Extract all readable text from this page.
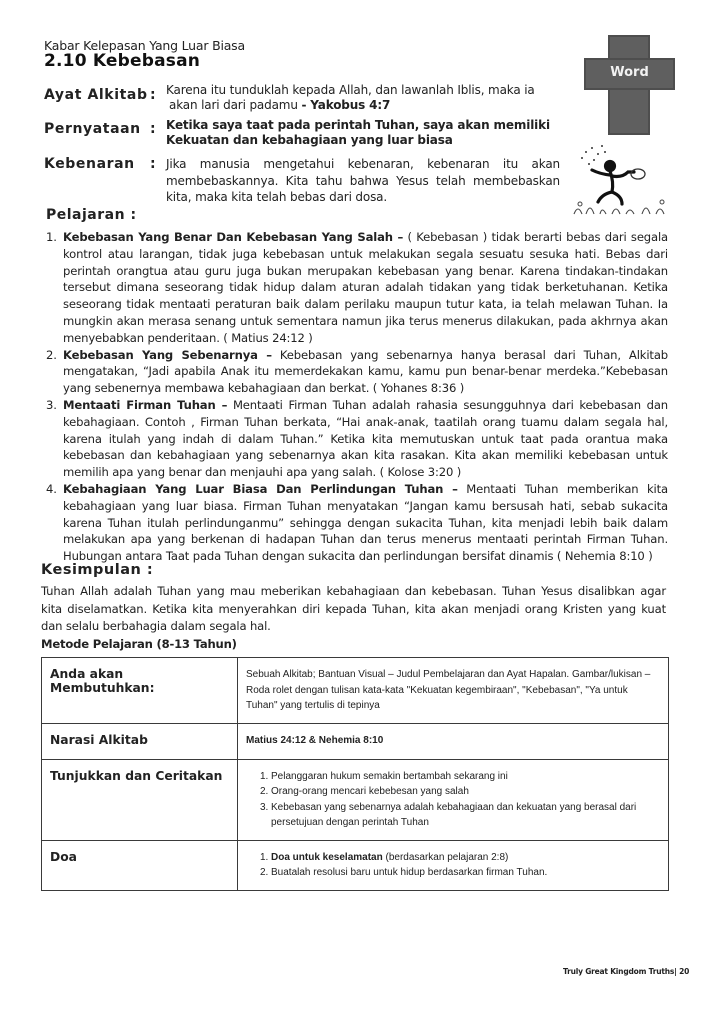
Kabar Kelepasan Yang Luar Biasa
2.10 Kebebasan
Word
Ayat Alkitab : Karena itu tunduklah kepada Allah, dan lawanlah Iblis, maka ia
akan lari dari padamu - Yakobus 4:7
Pernyataan : Ketika saya taat pada perintah Tuhan, saya akan memiliki
Kekuatan dan kebahagiaan yang luar biasa
Kebenaran : Jika manusia mengetahui kebenaran, kebenaran itu akan membebaskannya. Kita tahu bahwa Yesus telah membebaskan kita, maka kita telah bebas dari dosa.
Pelajaran :
1. Kebebasan Yang Benar Dan Kebebasan Yang Salah – ( Kebebasan ) tidak berarti bebas dari segala kontrol atau larangan, tidak juga kebebasan untuk melakukan segala sesuatu sesuka hati. Bebas dari perintah orangtua atau guru juga bukan merupakan kebebasan yang benar. Karena tindakan-tindakan tersebut dimana seseorang tidak hidup dalam aturan adalah tidakan yang tidak berketuhanan. Ketika seseorang tidak mentaati peraturan baik dalam perilaku maupun tutur kata, ia telah melawan Tuhan. Ia mungkin akan merasa senang untuk sementara namun jika terus menerus dilakukan, pada akhrnya akan menyebabkan penderitaan. ( Matius 24:12 )
2. Kebebasan Yang Sebenarnya – Kebebasan yang sebenarnya hanya berasal dari Tuhan, Alkitab mengatakan, “Jadi apabila Anak itu memerdekakan kamu, kamu pun benar-benar merdeka.”Kebebasan yang sebenernya membawa kebahagiaan dan berkat. ( Yohanes 8:36 )
3. Mentaati Firman Tuhan – Mentaati Firman Tuhan adalah rahasia sesungguhnya dari kebebasan dan kebahagiaan. Contoh , Firman Tuhan berkata, “Hai anak-anak, taatilah orang tuamu dalam segala hal, karena itulah yang indah di dalam Tuhan.” Ketika kita memutuskan untuk taat pada orantua maka kebebasan dan kebahagiaan yang sebenarnya akan kita rasakan. Kita akan memiliki kebebasan untuk memilih apa yang benar dan menjauhi apa yang salah. ( Kolose 3:20 )
4. Kebahagiaan Yang Luar Biasa Dan Perlindungan Tuhan – Mentaati Tuhan memberikan kita kebahagiaan yang luar biasa. Firman Tuhan menyatakan “Jangan kamu bersusah hati, sebab sukacita karena Tuhan itulah perlindunganmu” sehingga dengan sukacita Tuhan, kita menjadi lebih baik dalam melakukan apa yang berkenan di hadapan Tuhan dan terus menerus mentaati perintah Firman Tuhan. Hubungan antara Taat pada Tuhan dengan sukacita dan perlindungan bersifat dinamis ( Nehemia 8:10 )
Kesimpulan :
Tuhan Allah adalah Tuhan yang mau meberikan kebahagiaan dan kebebasan. Tuhan Yesus disalibkan agar kita diselamatkan. Ketika kita menyerahkan diri kepada Tuhan, kita akan menjadi orang Kristen yang kuat dan selalu berbahagia dalam segala hal.
Metode Pelajaran (8-13 Tahun)
Anda akan Membutuhkan:	Sebuah Alkitab; Bantuan Visual – Judul Pembelajaran dan Ayat Hapalan. Gambar/lukisan – Roda rolet dengan tulisan kata-kata "Kekuatan kegembiraan", "Kebebasan", "Ya untuk Tuhan" yang tertulis di tepinya
Narasi Alkitab	Matius 24:12 & Nehemia 8:10
Tunjukkan dan Ceritakan	1. Pelanggaran hukum semakin bertambah sekarang ini
2. Orang-orang mencari kebebesan yang salah
3. Kebebasan yang sebenarnya adalah kebahagiaan dan kekuatan yang berasal dari persetujuan dengan perintah Tuhan

Doa	1. Doa untuk keselamatan (berdasarkan pelajaran 2:8)
2. Buatalah resolusi baru untuk hidup berdasarkan firman Tuhan.
Truly Great Kingdom Truths| 20
